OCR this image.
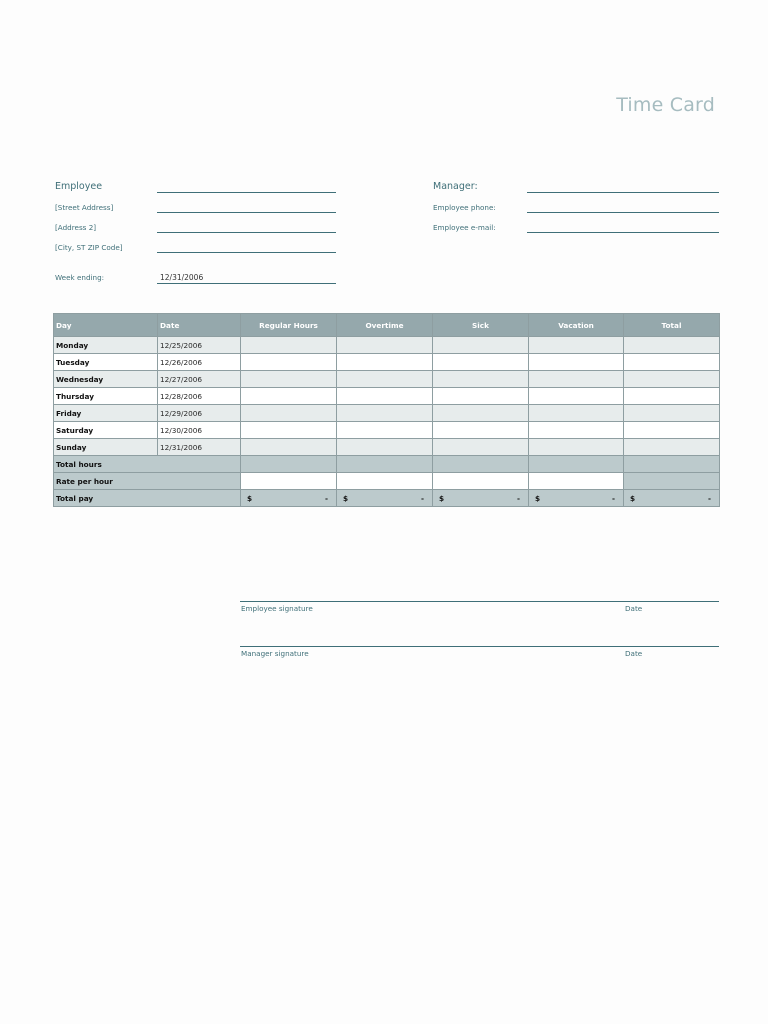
Time Card
Employee
[Street Address]
[Address 2]
[City, ST ZIP Code]
Week ending:	12/31/2006
Manager:
Employee phone:
Employee e-mail:
Day	Date	Regular Hours	Overtime	Sick	Vacation	Total
Monday	12/25/2006					
Tuesday	12/26/2006					
Wednesday	12/27/2006					
Thursday	12/28/2006					
Friday	12/29/2006					
Saturday	12/30/2006					
Sunday	12/31/2006					
Total hours						
Rate per hour						
Total pay		$ -	$ -	$ -	$ -	$ -
Employee signature	Date
Manager signature	Date
